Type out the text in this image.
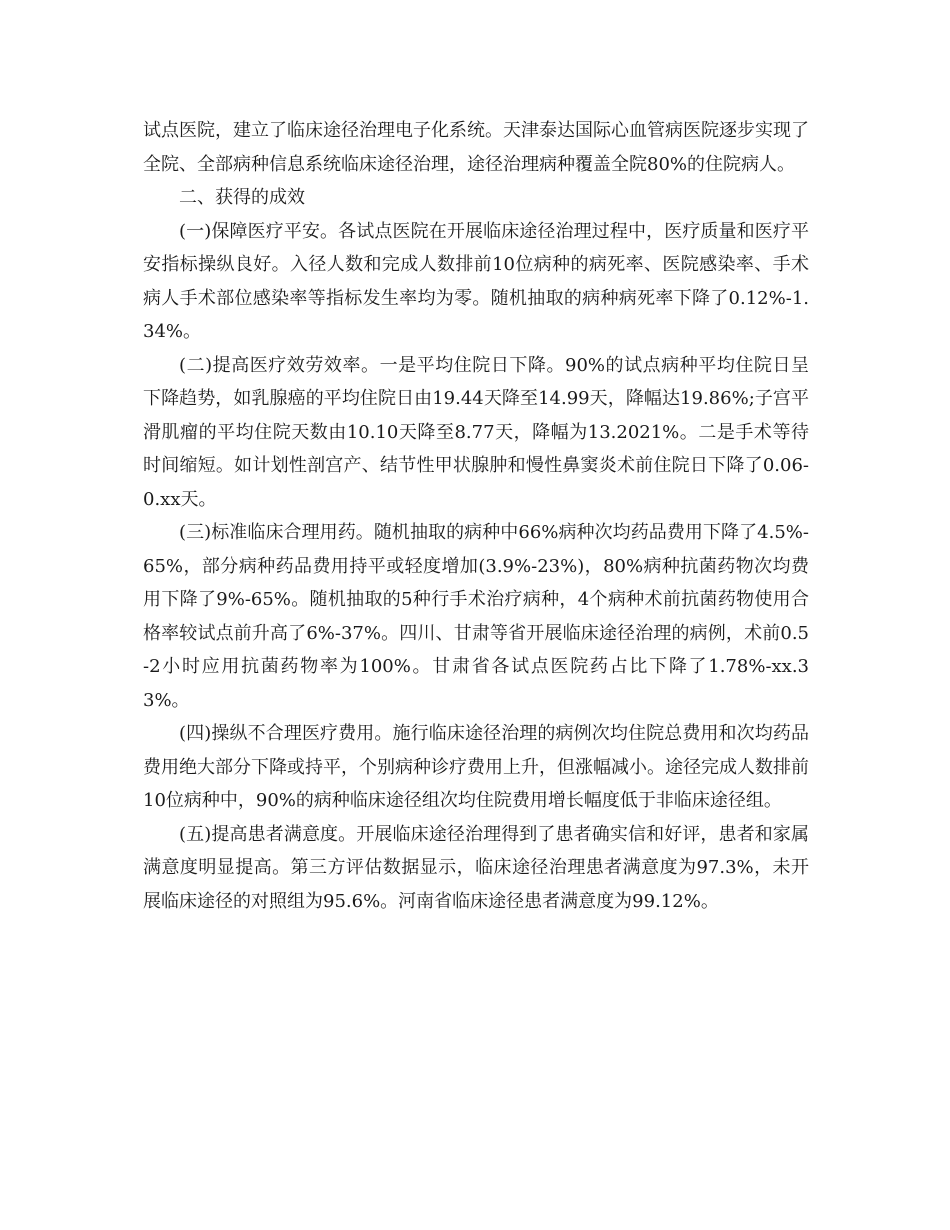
试点医院，建立了临床途径治理电子化系统。天津泰达国际心血管病医院逐步实现了全院、全部病种信息系统临床途径治理，途径治理病种覆盖全院80%的住院病人。

二、获得的成效

(一)保障医疗平安。各试点医院在开展临床途径治理过程中，医疗质量和医疗平安指标操纵良好。入径人数和完成人数排前10位病种的病死率、医院感染率、手术病人手术部位感染率等指标发生率均为零。随机抽取的病种病死率下降了0.12%-1.34%。

(二)提高医疗效劳效率。一是平均住院日下降。90%的试点病种平均住院日呈下降趋势，如乳腺癌的平均住院日由19.44天降至14.99天，降幅达19.86%;子宫平滑肌瘤的平均住院天数由10.10天降至8.77天，降幅为13.2021%。二是手术等待时间缩短。如计划性剖宫产、结节性甲状腺肿和慢性鼻窦炎术前住院日下降了0.06-0.xx天。

(三)标准临床合理用药。随机抽取的病种中66%病种次均药品费用下降了4.5%-65%，部分病种药品费用持平或轻度增加(3.9%-23%)，80%病种抗菌药物次均费用下降了9%-65%。随机抽取的5种行手术治疗病种，4个病种术前抗菌药物使用合格率较试点前升高了6%-37%。四川、甘肃等省开展临床途径治理的病例，术前0.5-2小时应用抗菌药物率为100%。甘肃省各试点医院药占比下降了1.78%-xx.33%。

(四)操纵不合理医疗费用。施行临床途径治理的病例次均住院总费用和次均药品费用绝大部分下降或持平，个别病种诊疗费用上升，但涨幅减小。途径完成人数排前10位病种中，90%的病种临床途径组次均住院费用增长幅度低于非临床途径组。

(五)提高患者满意度。开展临床途径治理得到了患者确实信和好评，患者和家属满意度明显提高。第三方评估数据显示，临床途径治理患者满意度为97.3%，未开展临床途径的对照组为95.6%。河南省临床途径患者满意度为99.12%。
